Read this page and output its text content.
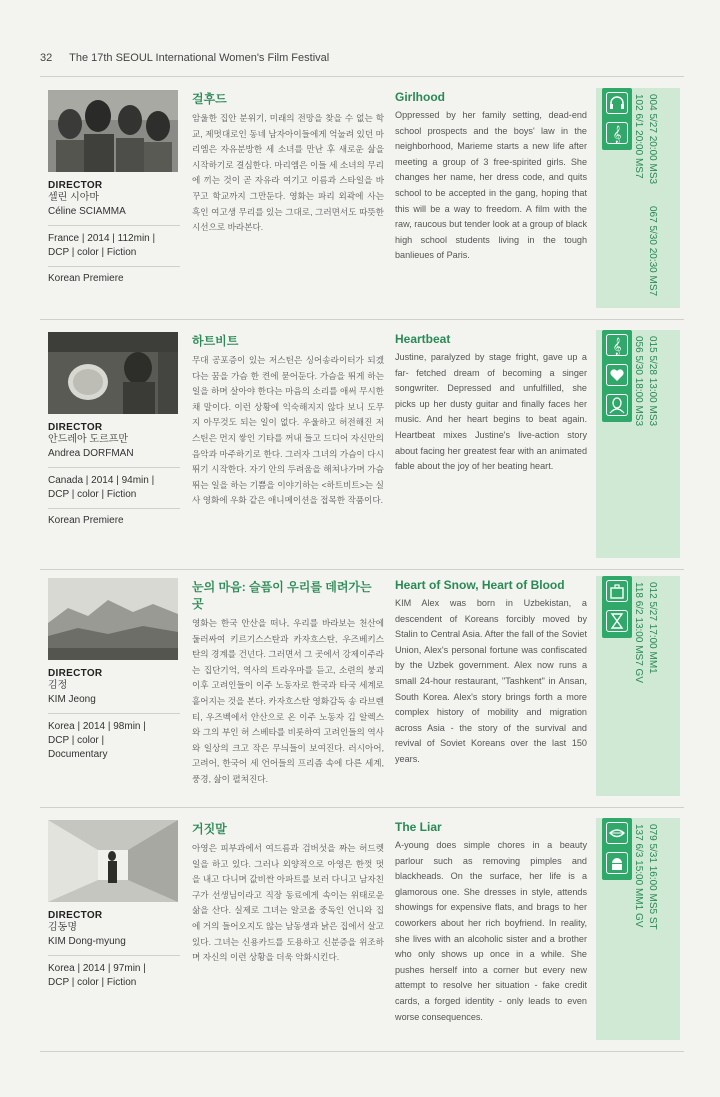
32 The 17th SEOUL International Women's Film Festival
DIRECTOR
셀린 시아마
Céline SCIAMMA
France | 2014 | 112min |
DCP | color | Fiction
Korean Premiere
걸후드
암울한 집안 분위기, 미래의 전망을 찾을 수 없는 학교, 제멋대로인 동네 남자아이들에게 억눌려 있던 마리엠은 자유분방한 세 소녀를 만난 후 새로운 삶을 시작하기로 결심한다. 마리엠은 이들 세 소녀의 무리에 끼는 것이 곧 자유라 여기고 이름과 스타일을 바꾸고 학교까지 그만둔다. 영화는 파리 외곽에 사는 흑인 여고생 무리를 있는 그대로, 그러면서도 따뜻한 시선으로 바라본다.
Girlhood
Oppressed by her family setting, dead-end school prospects and the boys' law in the neighborhood, Marieme starts a new life after meeting a group of 3 free-spirited girls. She changes her name, her dress code, and quits school to be accepted in the gang, hoping that this will be a way to freedom. A film with the raw, raucous but tender look at a group of black high school students living in the tough banlieues of Paris.
𝄞	004 5/27 20:00 MS3
102 6/1 20:00 MS7
067 5/30 20:30 MS7
DIRECTOR
안드레아 도르프만
Andrea DORFMAN
Canada | 2014 | 94min |
DCP | color | Fiction
Korean Premiere
하트비트
무대 공포증이 있는 저스틴은 싱어송라이터가 되겠다는 꿈을 가슴 한 켠에 묻어둔다. 가슴을 뛰게 하는 일을 하며 살아야 한다는 마음의 소리를 애써 무시한 채 말이다. 이런 상황에 익숙해지지 않다 보니 도무지 아무것도 되는 일이 없다. 우울하고 허전해진 저스틴은 먼지 쌓인 기타를 꺼내 들고 드디어 자신만의 음악과 마주하기로 한다. 그러자 그녀의 가슴이 다시 뛰기 시작한다. 자기 안의 두려움을 해쳐나가며 가슴 뛰는 일을 하는 기쁨을 이야기하는 <하트비트>는 실사 영화에 우화 같은 애니메이션을 접목한 작품이다.
Heartbeat
Justine, paralyzed by stage fright, gave up a far- fetched dream of becoming a singer songwriter. Depressed and unfulfilled, she picks up her dusty guitar and finally faces her music. And her heart begins to beat again. Heartbeat mixes Justine's live-action story about facing her greatest fear with an animated fable about the joy of her beating heart.
𝄞	015 5/28 13:00 MS3
056 5/30 18:00 MS3
DIRECTOR
김정
KIM Jeong
Korea | 2014 | 98min |
DCP | color |
Documentary
눈의 마음: 슬픔이 우리를 데려가는 곳
영화는 한국 안산을 떠나, 우리를 바라보는 천산에 둘러싸여 키르기스스탄과 카자흐스탄, 우즈베키스탄의 경계를 건넌다. 그러면서 그 곳에서 강제이주라는 집단기억, 역사의 트라우마를 듣고, 소련의 붕괴 이후 고려인들이 이주 노동자로 한국과 타국 세계로 흩어지는 것을 본다. 카자흐스탄 영화감독 송 라브렌티, 우즈벡에서 안산으로 온 이주 노동자 김 알렉스와 그의 부인 허 스베타를 비롯하여 고려인들의 역사와 일상의 크고 작은 무늬들이 보여진다. 러시아어, 고려어, 한국어 세 언어들의 프리즘 속에 다른 세계, 풍경, 삶이 펼쳐진다.
Heart of Snow, Heart of Blood
KIM Alex was born in Uzbekistan, a descendent of Koreans forcibly moved by Stalin to Central Asia. After the fall of the Soviet Union, Alex's personal fortune was confiscated by the Uzbek government. Alex now runs a small 24-hour restaurant, "Tashkent" in Ansan, South Korea. Alex's story brings forth a more complex history of mobility and migration across Asia - the story of the survival and revival of Soviet Koreans over the last 150 years.
012 5/27 17:00 MM1
118 6/2 13:00 MS7 GV
DIRECTOR
김동명
KIM Dong-myung
Korea | 2014 | 97min |
DCP | color | Fiction
거짓말
아영은 피부과에서 여드름과 검버섯을 짜는 허드렛일을 하고 있다. 그러나 외양적으로 아영은 한껏 멋을 내고 다니며 값비싼 아파트를 보러 다니고 남자친구가 선생님이라고 직장 동료에게 속이는 위태로운 삶을 산다. 실제로 그녀는 알코올 중독인 언니와 집에 거의 들어오지도 않는 남동생과 낡은 집에서 살고 있다. 그녀는 신용카드를 도용하고 신분증을 위조하며 자신의 이런 상황을 더욱 악화시킨다.
The Liar
A-young does simple chores in a beauty parlour such as removing pimples and blackheads. On the surface, her life is a glamorous one. She dresses in style, attends showings for expensive flats, and brags to her coworkers about her rich boyfriend. In reality, she lives with an alcoholic sister and a brother who only shows up once in a while. She pushes herself into a corner but every new attempt to resolve her situation - fake credit cards, a forged identity - only leads to even worse consequences.
079 5/31 16:00 MS5 ST
137 6/3 15:00 MM1 GV
